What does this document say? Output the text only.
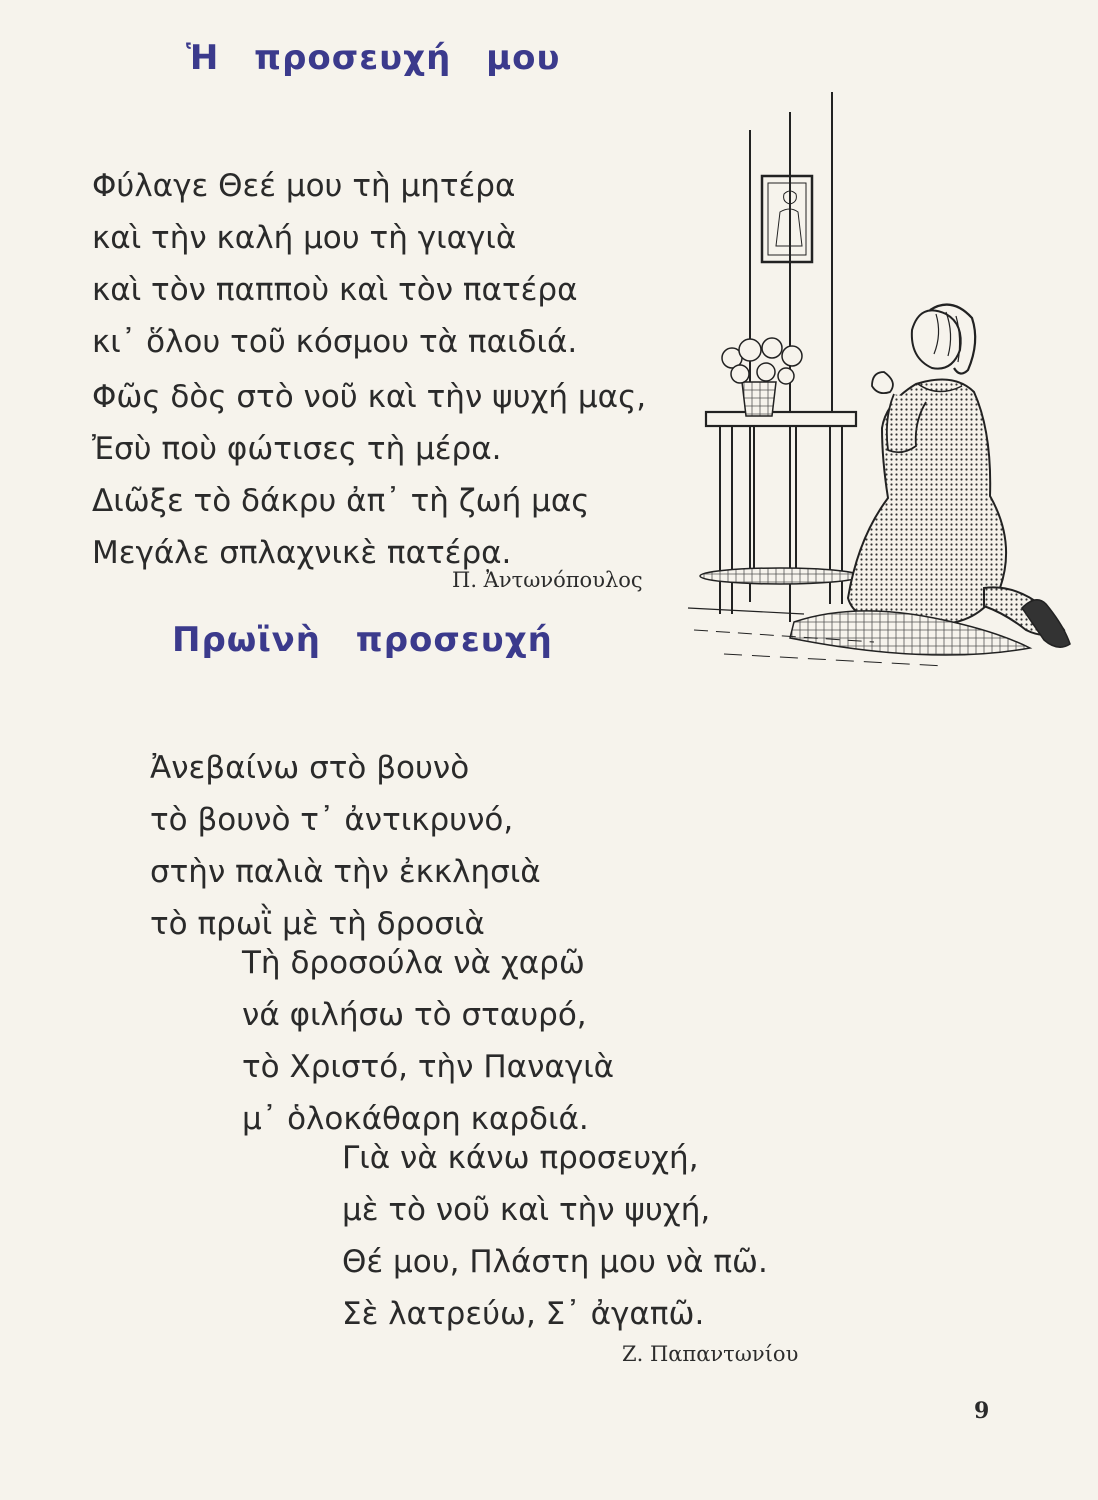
Ἡ προσευχή μου
Φύλαγε Θεέ μου τὴ μητέρα
καὶ τὴν καλή μου τὴ γιαγιὰ
καὶ τὸν παπποὺ καὶ τὸν πατέρα
κι᾽ ὅλου τοῦ κόσμου τὰ παιδιά.
Φῶς δὸς στὸ νοῦ καὶ τὴν ψυχή μας,
Ἐσὺ ποὺ φώτισες τὴ μέρα.
Διῶξε τὸ δάκρυ ἀπ᾽ τὴ ζωή μας
Μεγάλε σπλαχνικὲ πατέρα.
Π. Ἀντωνόπουλος
Πρωϊνὴ προσευχή
Ἀνεβαίνω στὸ βουνὸ
τὸ βουνὸ τ᾽ ἀντικρυνό,
στὴν παλιὰ τὴν ἐκκλησιὰ
τὸ πρωῒ μὲ τὴ δροσιὰ
Τὴ δροσούλα νὰ χαρῶ
νά φιλήσω τὸ σταυρό,
τὸ Χριστό, τὴν Παναγιὰ
μ᾽ ὁλοκάθαρη καρδιά.
Γιὰ νὰ κάνω προσευχή,
μὲ τὸ νοῦ καὶ τὴν ψυχή,
Θέ μου, Πλάστη μου νὰ πῶ.
Σὲ λατρεύω, Σ᾽ ἀγαπῶ.
Ζ. Παπαντωνίου
9
